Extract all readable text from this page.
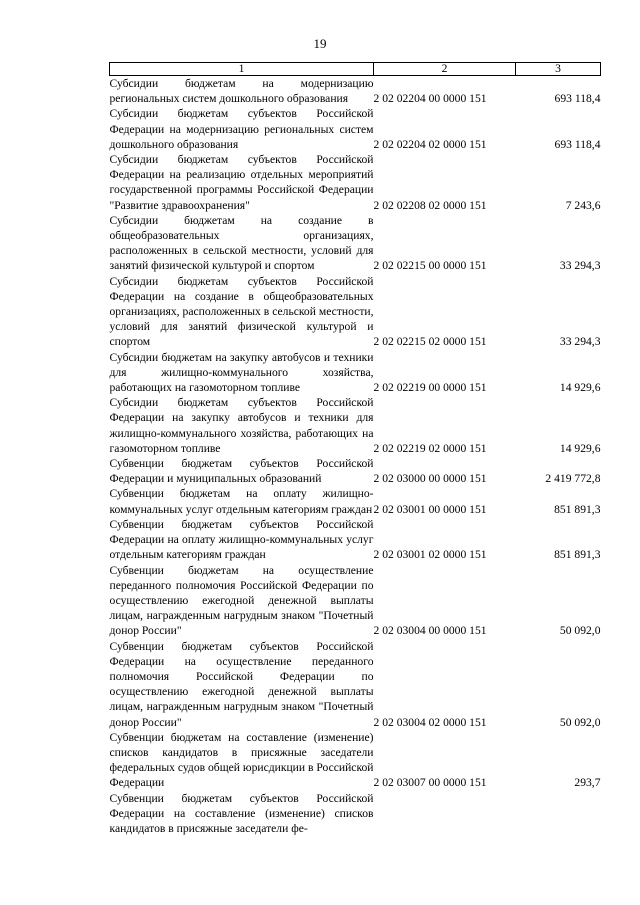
19
1	2	3
Субсидии бюджетам на модернизацию региональных систем дошкольного образования	2 02 02204 00 0000 151	693 118,4
Субсидии бюджетам субъектов Российской Федерации на модернизацию региональных систем дошкольного образования	2 02 02204 02 0000 151	693 118,4
Субсидии бюджетам субъектов Российской Федерации на реализацию отдельных мероприятий государственной программы Российской Федерации "Развитие здравоохранения"	2 02 02208 02 0000 151	7 243,6
Субсидии бюджетам на создание в общеобразовательных организациях, расположенных в сельской местности, условий для занятий физической культурой и спортом	2 02 02215 00 0000 151	33 294,3
Субсидии бюджетам субъектов Российской Федерации на создание в общеобразовательных организациях, расположенных в сельской местности, условий для занятий физической культурой и спортом	2 02 02215 02 0000 151	33 294,3
Субсидии бюджетам на закупку автобусов и техники для жилищно-коммунального хозяйства, работающих на газомоторном топливе	2 02 02219 00 0000 151	14 929,6
Субсидии бюджетам субъектов Российской Федерации на закупку автобусов и техники для жилищно-коммунального хозяйства, работающих на газомоторном топливе	2 02 02219 02 0000 151	14 929,6
Субвенции бюджетам субъектов Российской Федерации и муниципальных образований	2 02 03000 00 0000 151	2 419 772,8
Субвенции бюджетам на оплату жилищно-коммунальных услуг отдельным категориям граждан	2 02 03001 00 0000 151	851 891,3
Субвенции бюджетам субъектов Российской Федерации на оплату жилищно-коммунальных услуг отдельным категориям граждан	2 02 03001 02 0000 151	851 891,3
Субвенции бюджетам на осуществление переданного полномочия Российской Федерации по осуществлению ежегодной денежной выплаты лицам, награжденным нагрудным знаком "Почетный донор России"	2 02 03004 00 0000 151	50 092,0
Субвенции бюджетам субъектов Российской Федерации на осуществление переданного полномочия Российской Федерации по осуществлению ежегодной денежной выплаты лицам, награжденным нагрудным знаком "Почетный донор России"	2 02 03004 02 0000 151	50 092,0
Субвенции бюджетам на составление (изменение) списков кандидатов в присяжные заседатели федеральных судов общей юрисдикции в Российской Федерации	2 02 03007 00 0000 151	293,7
Субвенции бюджетам субъектов Российской Федерации на составление (изменение) списков кандидатов в присяжные заседатели фе-		
